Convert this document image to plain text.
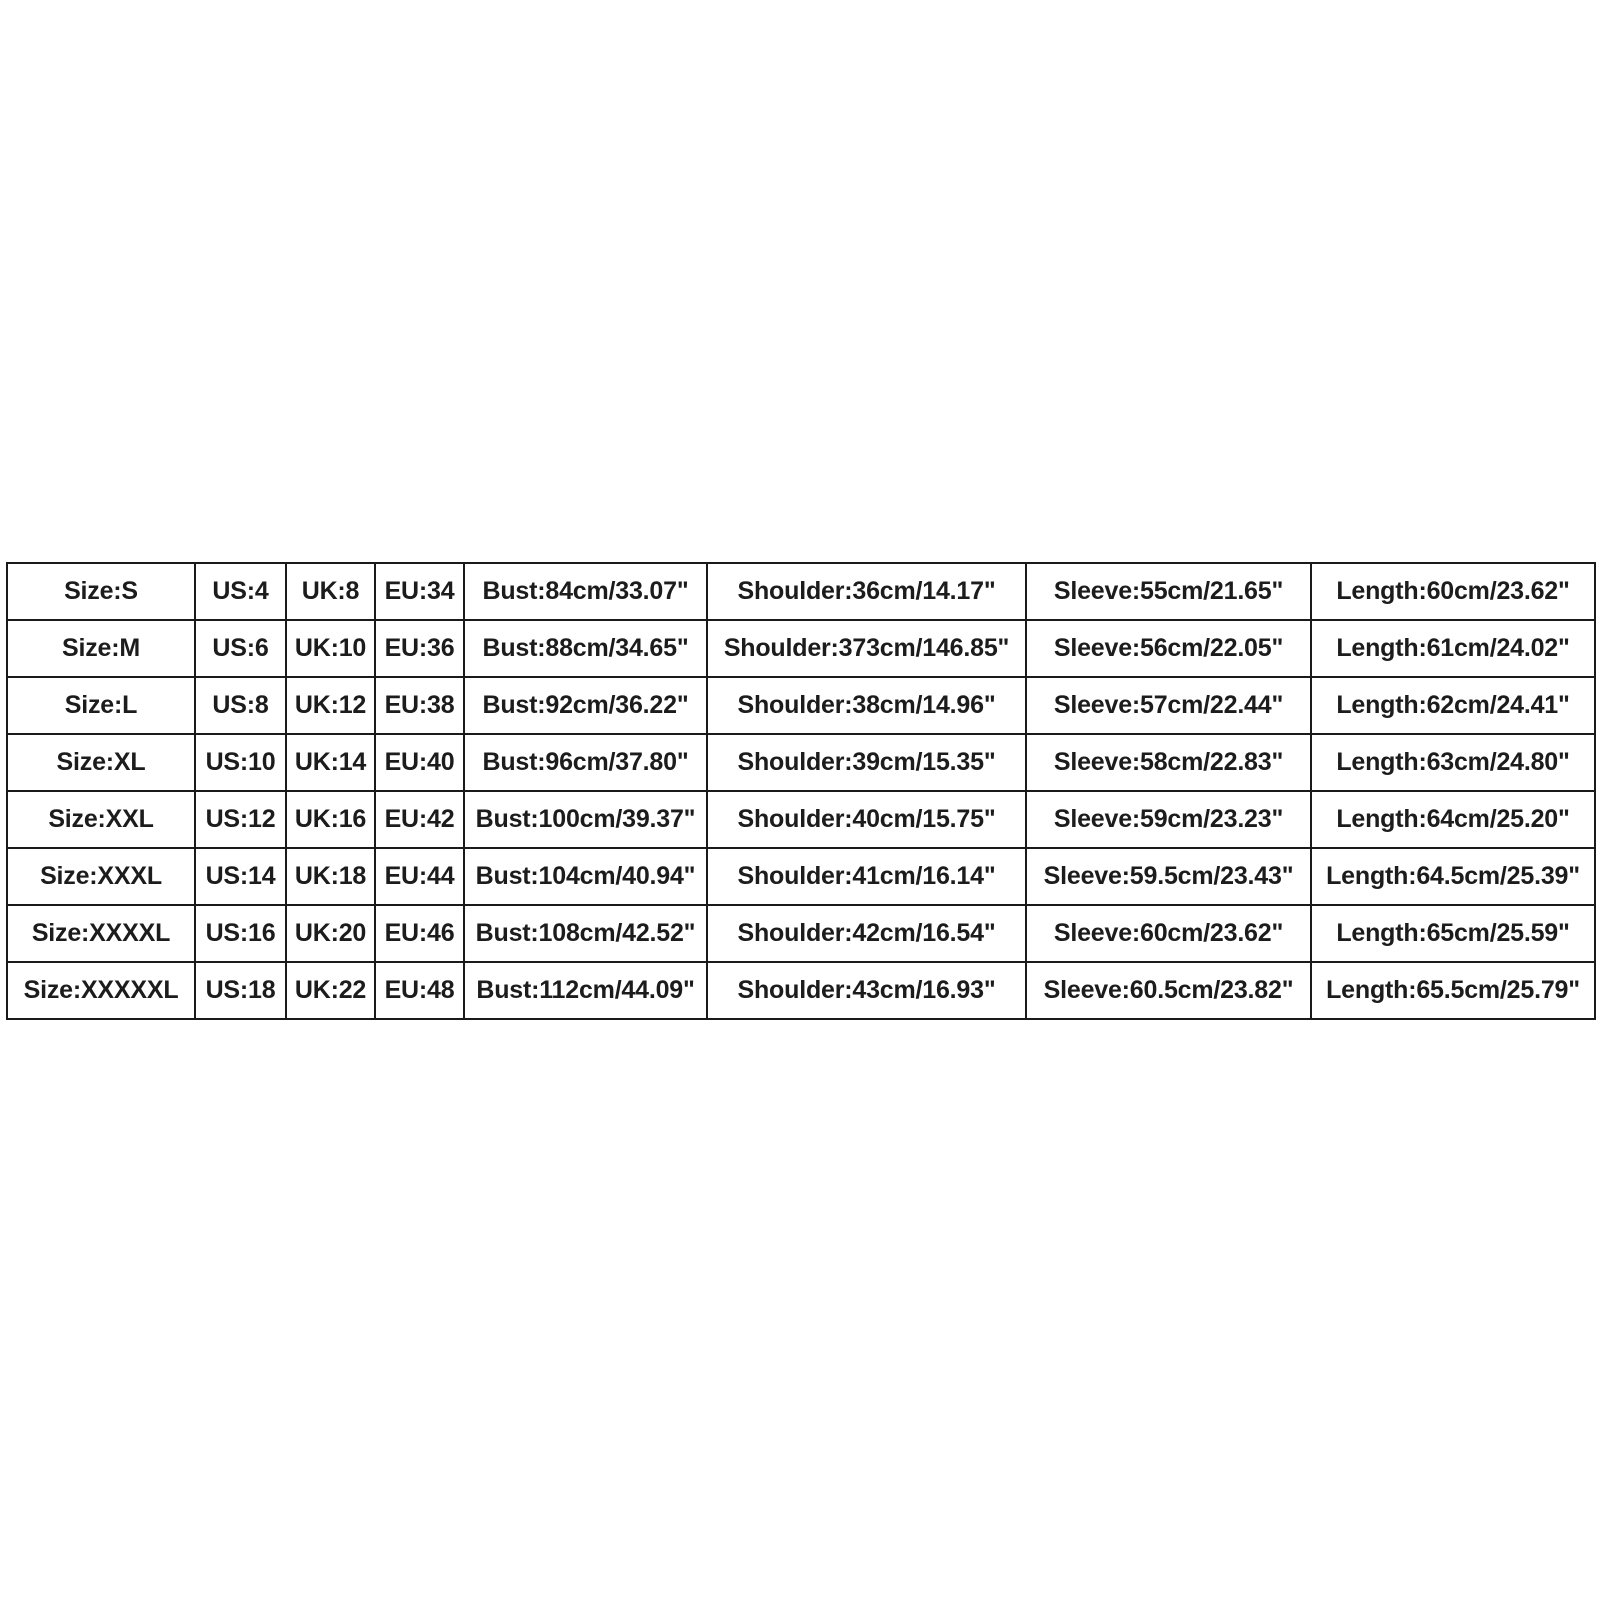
Size:S	US:4	UK:8	EU:34	Bust:84cm/33.07"	Shoulder:36cm/14.17"	Sleeve:55cm/21.65"	Length:60cm/23.62"
Size:M	US:6	UK:10	EU:36	Bust:88cm/34.65"	Shoulder:373cm/146.85"	Sleeve:56cm/22.05"	Length:61cm/24.02"
Size:L	US:8	UK:12	EU:38	Bust:92cm/36.22"	Shoulder:38cm/14.96"	Sleeve:57cm/22.44"	Length:62cm/24.41"
Size:XL	US:10	UK:14	EU:40	Bust:96cm/37.80"	Shoulder:39cm/15.35"	Sleeve:58cm/22.83"	Length:63cm/24.80"
Size:XXL	US:12	UK:16	EU:42	Bust:100cm/39.37"	Shoulder:40cm/15.75"	Sleeve:59cm/23.23"	Length:64cm/25.20"
Size:XXXL	US:14	UK:18	EU:44	Bust:104cm/40.94"	Shoulder:41cm/16.14"	Sleeve:59.5cm/23.43"	Length:64.5cm/25.39"
Size:XXXXL	US:16	UK:20	EU:46	Bust:108cm/42.52"	Shoulder:42cm/16.54"	Sleeve:60cm/23.62"	Length:65cm/25.59"
Size:XXXXXL	US:18	UK:22	EU:48	Bust:112cm/44.09"	Shoulder:43cm/16.93"	Sleeve:60.5cm/23.82"	Length:65.5cm/25.79"
